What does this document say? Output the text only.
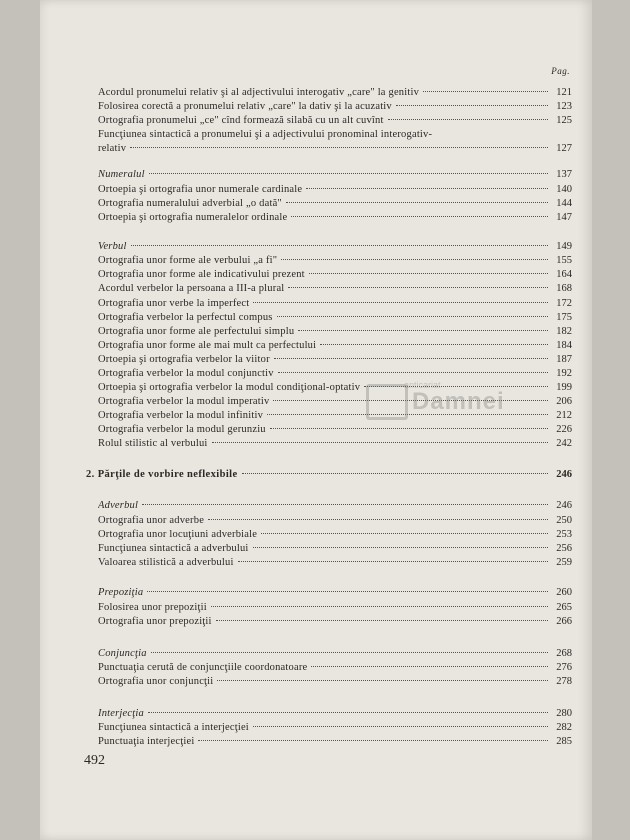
Pag.
Acordul pronumelui relativ şi al adjectivului interogativ „care" la genitiv	121
Folosirea corectă a pronumelui relativ „care" la dativ şi la acuzativ	123
Ortografia pronumelui „ce" cînd formează silabă cu un alt cuvînt	125
Funcţiunea sintactică a pronumelui şi a adjectivului pronominal interogativ-
relativ	127
Numeralul	137
Ortoepia şi ortografia unor numerale cardinale	140
Ortografia numeralului adverbial „o dată"	144
Ortoepia şi ortografia numeralelor ordinale	147
Verbul	149
Ortografia unor forme ale verbului „a fi"	155
Ortografia unor forme ale indicativului prezent	164
Acordul verbelor la persoana a III-a plural	168
Ortografia unor verbe la imperfect	172
Ortografia verbelor la perfectul compus	175
Ortografia unor forme ale perfectului simplu	182
Ortografia unor forme ale mai mult ca perfectului	184
Ortoepia şi ortografia verbelor la viitor	187
Ortografia verbelor la modul conjunctiv	192
Ortoepia şi ortografia verbelor la modul condiţional-optativ	199
Ortografia verbelor la modul imperativ	206
Ortografia verbelor la modul infinitiv	212
Ortografia verbelor la modul gerunziu	226
Rolul stilistic al verbului	242
2. Părţile de vorbire neflexibile	246
Adverbul	246
Ortografia unor adverbe	250
Ortografia unor locuţiuni adverbiale	253
Funcţiunea sintactică a adverbului	256
Valoarea stilistică a adverbului	259
Prepoziţia	260
Folosirea unor prepoziţii	265
Ortografia unor prepoziţii	266
Conjuncţia	268
Punctuaţia cerută de conjuncţiile coordonatoare	276
Ortografia unor conjuncţii	278
Interjecţia	280
Funcţiunea sintactică a interjecţiei	282
Punctuaţia interjecţiei	285
anticariat
Damnei
492
